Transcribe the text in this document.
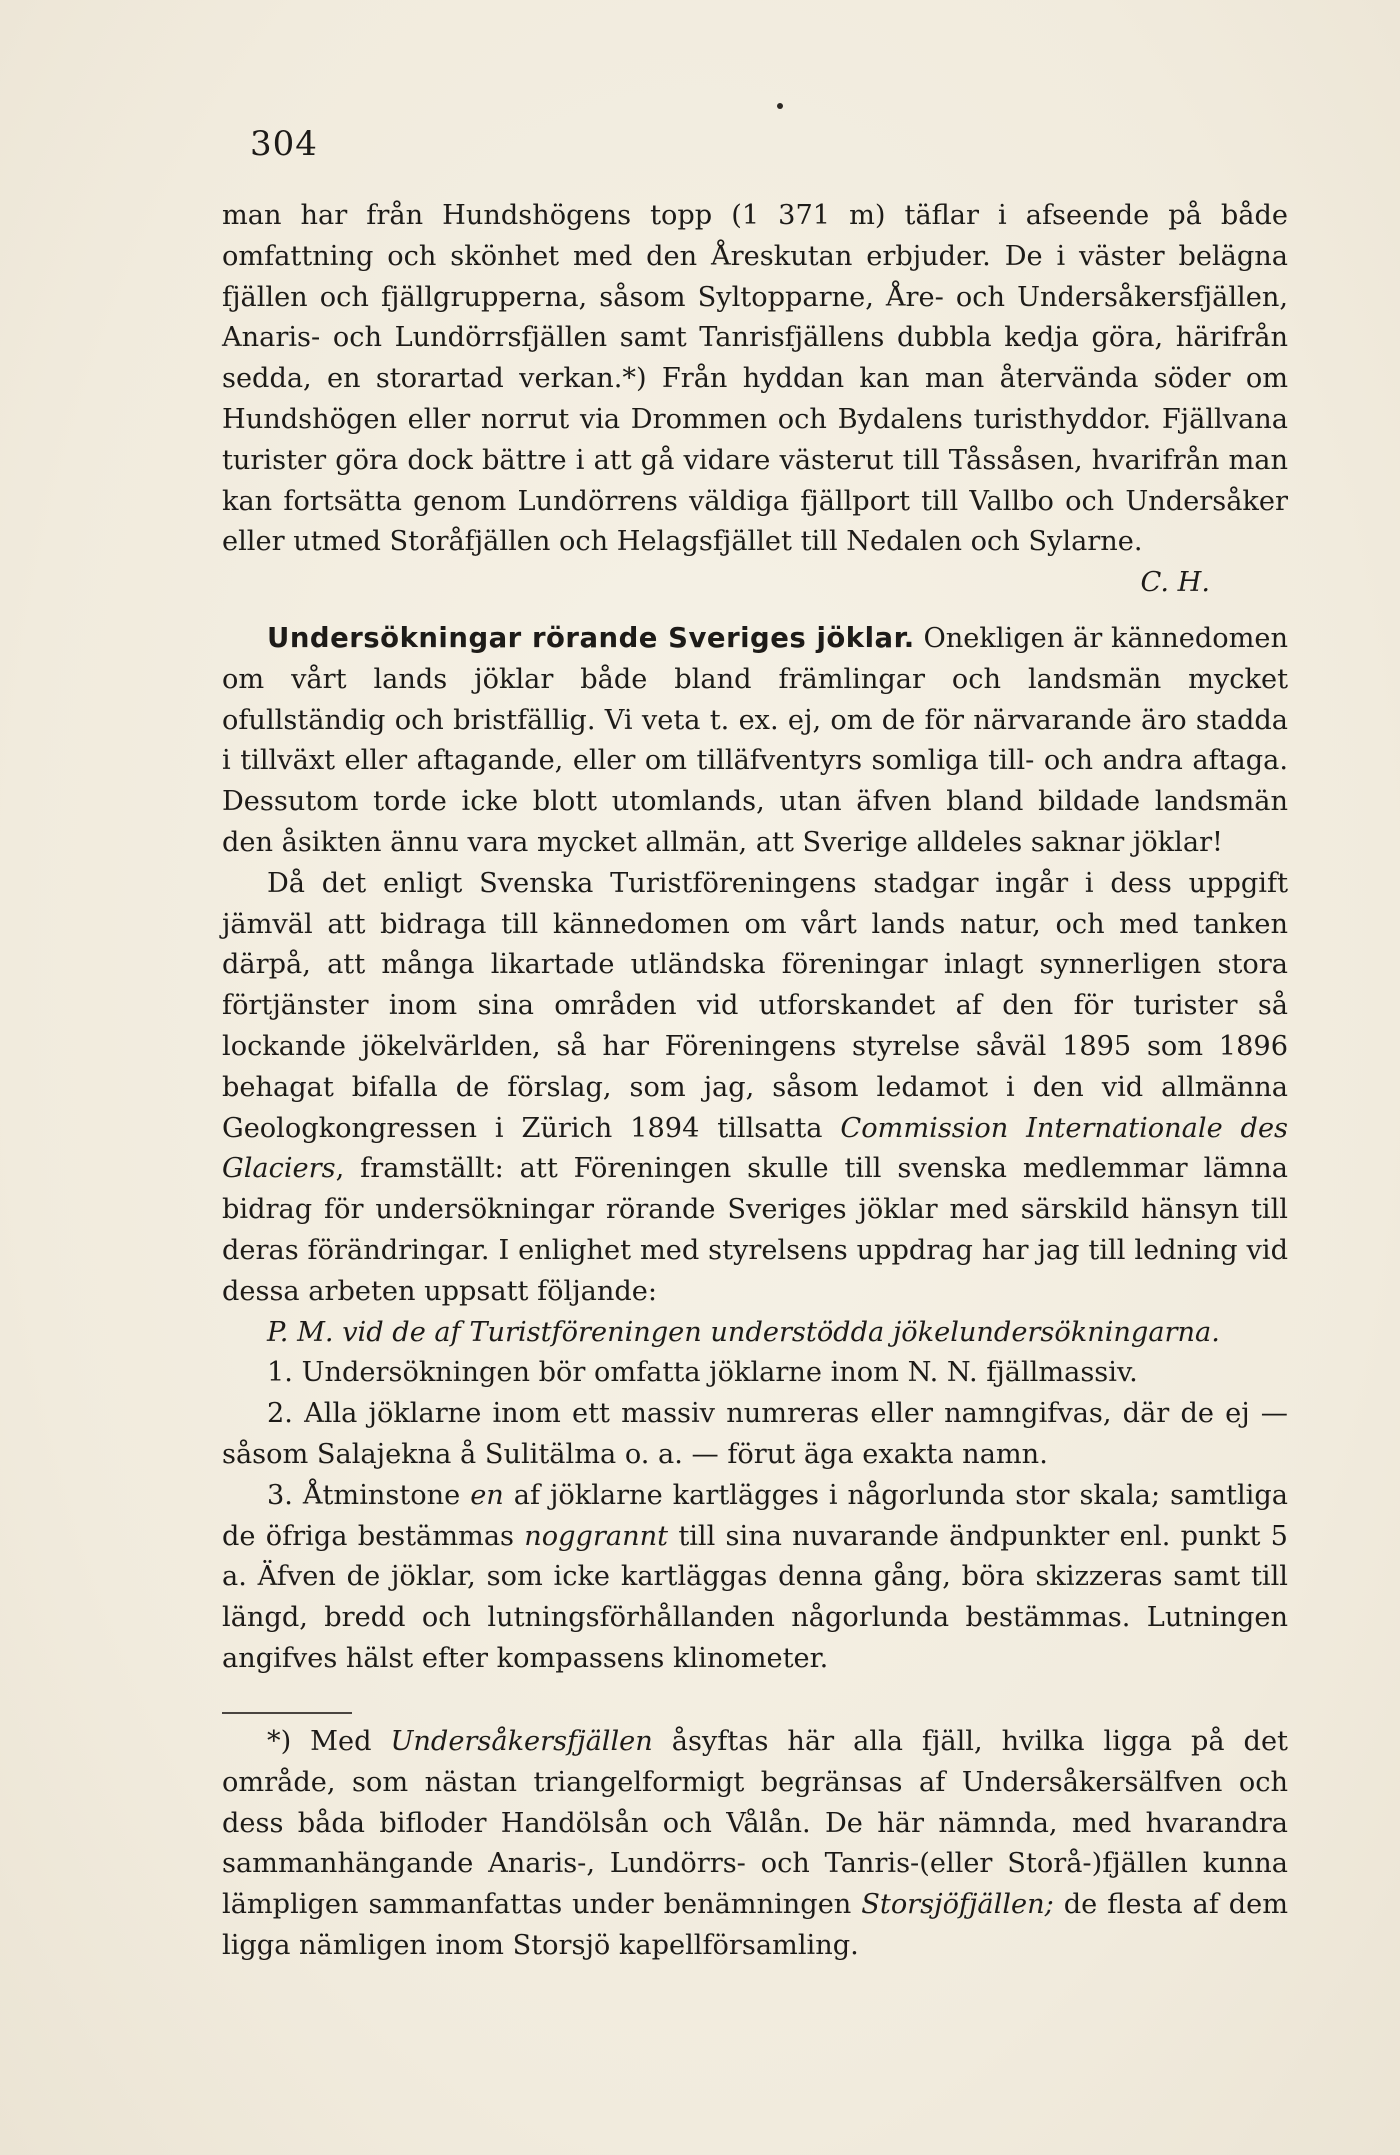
304

man har från Hundshögens topp (1 371 m) täflar i afseende på både omfattning och skönhet med den Åreskutan erbjuder. De i väster belägna fjällen och fjällgrupperna, såsom Syltopparne, Åre- och Undersåkersfjällen, Anaris- och Lundörrsfjällen samt Tanrisfjällens dubbla kedja göra, härifrån sedda, en storartad verkan.*) Från hyddan kan man återvända söder om Hundshögen eller norrut via Drommen och Bydalens turisthyddor. Fjällvana turister göra dock bättre i att gå vidare västerut till Tåssåsen, hvarifrån man kan fortsätta genom Lundörrens väldiga fjällport till Vallbo och Undersåker eller utmed Storåfjällen och Helagsfjället till Nedalen och Sylarne.

C. H.

Undersökningar rörande Sveriges jöklar. Onekligen är kännedomen om vårt lands jöklar både bland främlingar och landsmän mycket ofullständig och bristfällig. Vi veta t. ex. ej, om de för närvarande äro stadda i tillväxt eller aftagande, eller om tilläfventyrs somliga till- och andra aftaga. Dessutom torde icke blott utomlands, utan äfven bland bildade landsmän den åsikten ännu vara mycket allmän, att Sverige alldeles saknar jöklar!

Då det enligt Svenska Turistföreningens stadgar ingår i dess uppgift jämväl att bidraga till kännedomen om vårt lands natur, och med tanken därpå, att många likartade utländska föreningar inlagt synnerligen stora förtjänster inom sina områden vid utforskandet af den för turister så lockande jökelvärlden, så har Föreningens styrelse såväl 1895 som 1896 behagat bifalla de förslag, som jag, såsom ledamot i den vid allmänna Geologkongressen i Zürich 1894 tillsatta Commission Internationale des Glaciers, framställt: att Föreningen skulle till svenska medlemmar lämna bidrag för undersökningar rörande Sveriges jöklar med särskild hänsyn till deras förändringar. I enlighet med styrelsens uppdrag har jag till ledning vid dessa arbeten uppsatt följande:

P. M. vid de af Turistföreningen understödda jökelundersökningarna.

1. Undersökningen bör omfatta jöklarne inom N. N. fjällmassiv.

2. Alla jöklarne inom ett massiv numreras eller namngifvas, där de ej — såsom Salajekna å Sulitälma o. a. — förut äga exakta namn.

3. Åtminstone en af jöklarne kartlägges i någorlunda stor skala; samtliga de öfriga bestämmas noggrannt till sina nuvarande ändpunkter enl. punkt 5 a. Äfven de jöklar, som icke kartläggas denna gång, böra skizzeras samt till längd, bredd och lutningsförhållanden någorlunda bestämmas. Lutningen angifves hälst efter kompassens klinometer.

*) Med Undersåkersfjällen åsyftas här alla fjäll, hvilka ligga på det område, som nästan triangelformigt begränsas af Undersåkersälfven och dess båda bifloder Handölsån och Vålån. De här nämnda, med hvarandra sammanhängande Anaris-, Lundörrs- och Tanris-(eller Storå-)fjällen kunna lämpligen sammanfattas under benämningen Storsjöfjällen; de flesta af dem ligga nämligen inom Storsjö kapellförsamling.
